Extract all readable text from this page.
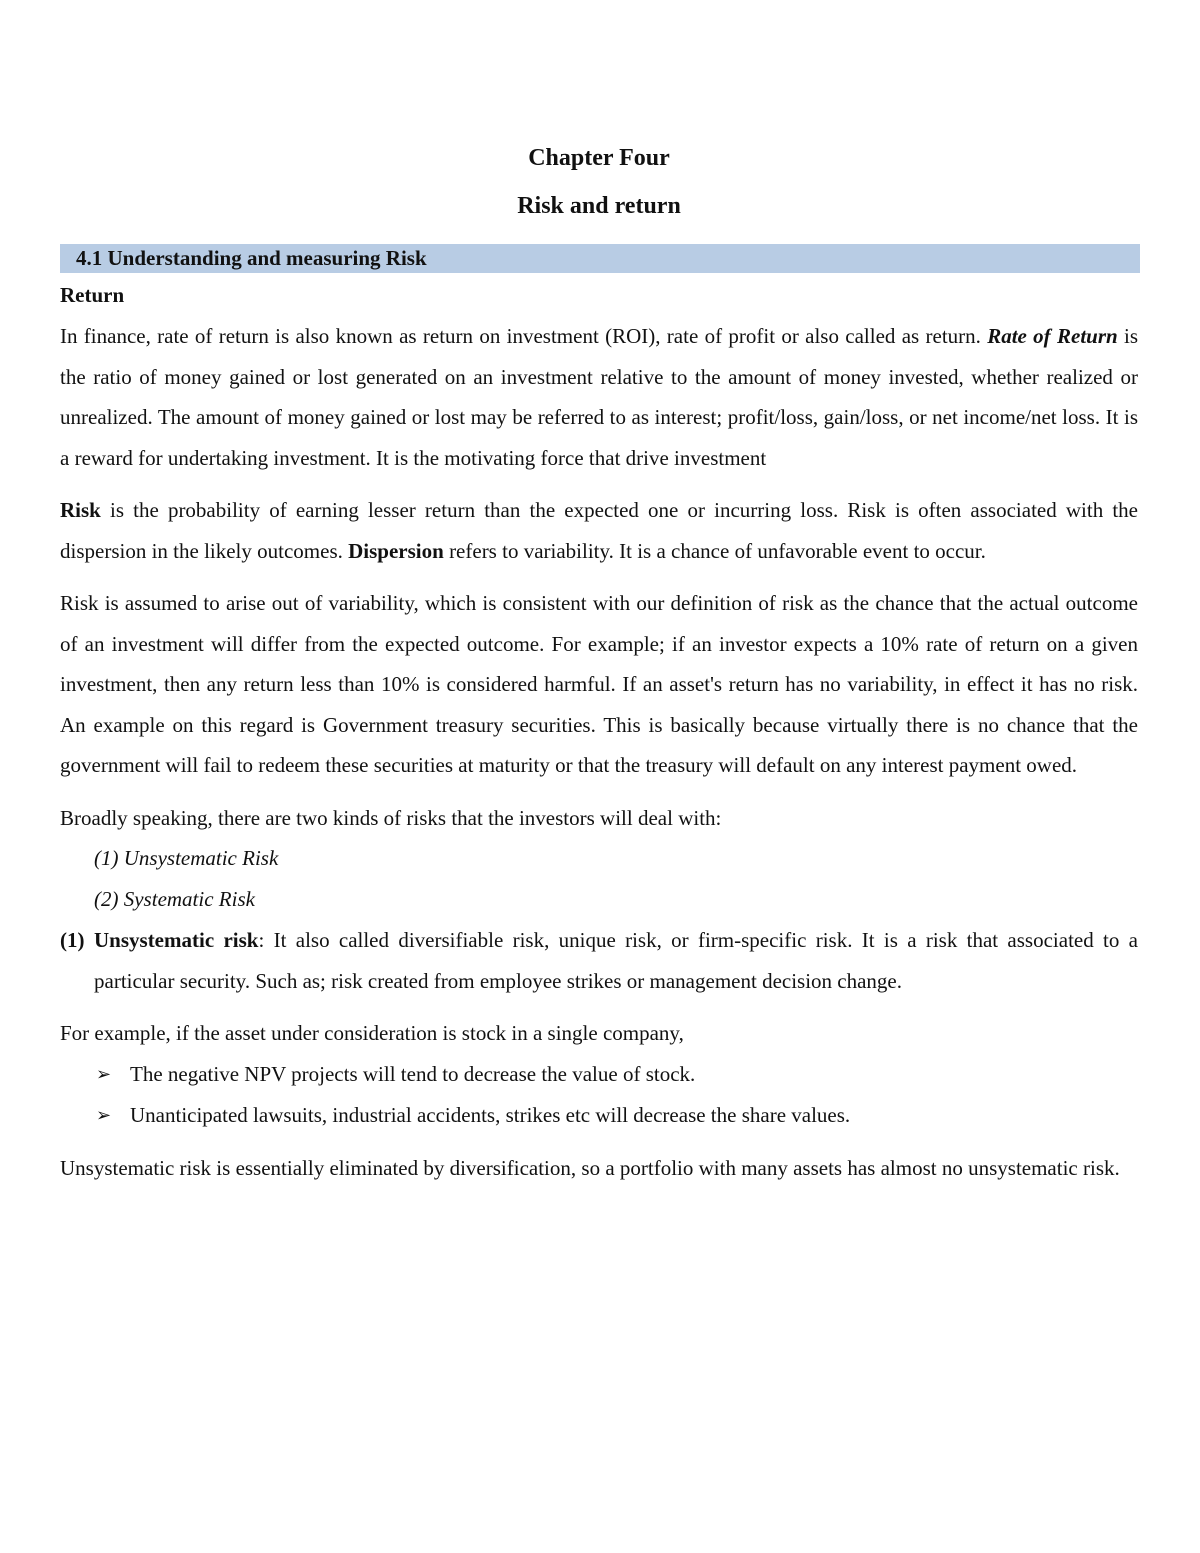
Chapter Four
Risk and return
4.1 Understanding and measuring Risk
Return

In finance, rate of return is also known as return on investment (ROI), rate of profit or also called as return. Rate of Return is the ratio of money gained or lost generated on an investment relative to the amount of money invested, whether realized or unrealized. The amount of money gained or lost may be referred to as interest; profit/loss, gain/loss, or net income/net loss. It is a reward for undertaking investment. It is the motivating force that drive investment

Risk is the probability of earning lesser return than the expected one or incurring loss. Risk is often associated with the dispersion in the likely outcomes. Dispersion refers to variability. It is a chance of unfavorable event to occur.

Risk is assumed to arise out of variability, which is consistent with our definition of risk as the chance that the actual outcome of an investment will differ from the expected outcome. For example; if an investor expects a 10% rate of return on a given investment, then any return less than 10% is considered harmful. If an asset's return has no variability, in effect it has no risk. An example on this regard is Government treasury securities. This is basically because virtually there is no chance that the government will fail to redeem these securities at maturity or that the treasury will default on any interest payment owed.

Broadly speaking, there are two kinds of risks that the investors will deal with:

(1) Unsystematic Risk
(2) Systematic Risk

(1) Unsystematic risk: It also called diversifiable risk, unique risk, or firm-specific risk. It is a risk that associated to a particular security. Such as; risk created from employee strikes or management decision change.

For example, if the asset under consideration is stock in a single company,

➢ The negative NPV projects will tend to decrease the value of stock.
➢ Unanticipated lawsuits, industrial accidents, strikes etc will decrease the share values.

Unsystematic risk is essentially eliminated by diversification, so a portfolio with many assets has almost no unsystematic risk.
